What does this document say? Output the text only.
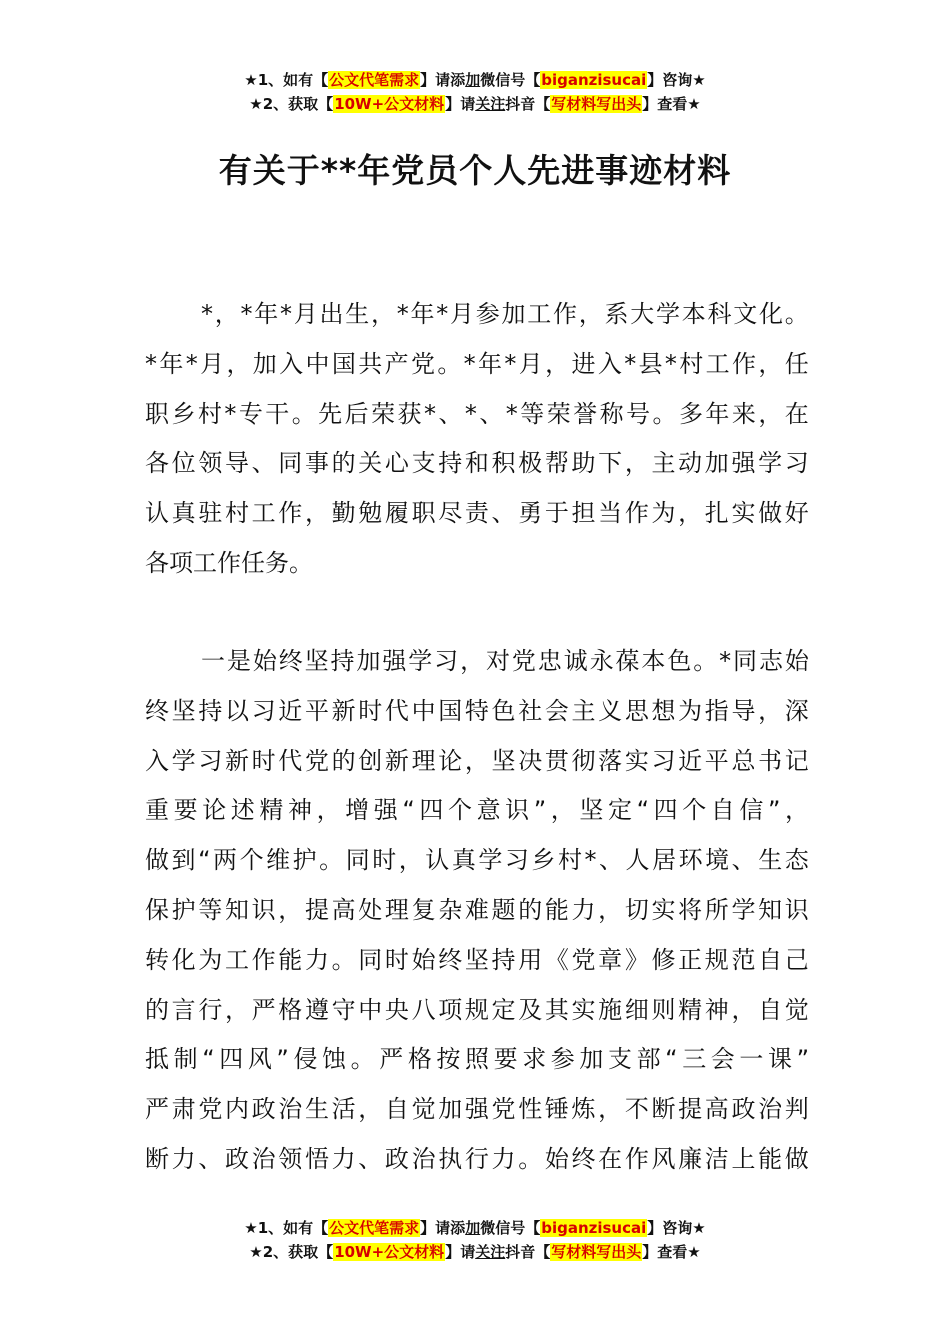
★1、如有【公文代笔需求】请添加微信号【biganzisucai】咨询★
★2、获取【10W+公文材料】请关注抖音【写材料写出头】查看★
有关于**年党员个人先进事迹材料
* ， * 年 * 月 出 生 ， * 年 * 月 参 加 工 作 ， 系 大 学 本 科 文 化 。
* 年 * 月 ， 加 入 中 国 共 产 党 。 * 年 * 月 ， 进 入 * 县 * 村 工 作 ， 任
职 乡 村 * 专 干 。 先 后 荣 获 * 、 * 、 * 等 荣 誉 称 号 。 多 年 来 ， 在
各 位 领 导 、 同 事 的 关 心 支 持 和 积 极 帮 助 下 ， 主 动 加 强 学 习
认 真 驻 村 工 作 ， 勤 勉 履 职 尽 责 、 勇 于 担 当 作 为 ， 扎 实 做 好
各项工作任务。
一 是 始 终 坚 持 加 强 学 习 ， 对 党 忠 诚 永 葆 本 色 。 * 同 志 始
终 坚 持 以 习 近 平 新 时 代 中 国 特 色 社 会 主 义 思 想 为 指 导 ， 深
入 学 习 新 时 代 党 的 创 新 理 论 ， 坚 决 贯 彻 落 实 习 近 平 总 书 记
重 要 论 述 精 神 ， 增 强 “ 四 个 意 识 ” ， 坚 定 “ 四 个 自 信 ” ，
做 到 “ 两 个 维 护 。 同 时 ， 认 真 学 习 乡 村 * 、 人 居 环 境 、 生 态
保 护 等 知 识 ， 提 高 处 理 复 杂 难 题 的 能 力 ， 切 实 将 所 学 知 识
转 化 为 工 作 能 力 。 同 时 始 终 坚 持 用 《 党 章 》 修 正 规 范 自 己
的 言 行 ， 严 格 遵 守 中 央 八 项 规 定 及 其 实 施 细 则 精 神 ， 自 觉
抵 制 “ 四 风 ” 侵 蚀 。 严 格 按 照 要 求 参 加 支 部 “ 三 会 一 课 ”
严 肃 党 内 政 治 生 活 ， 自 觉 加 强 党 性 锤 炼 ， 不 断 提 高 政 治 判
断 力 、 政 治 领 悟 力 、 政 治 执 行 力 。 始 终 在 作 风 廉 洁 上 能 做
★1、如有【公文代笔需求】请添加微信号【biganzisucai】咨询★
★2、获取【10W+公文材料】请关注抖音【写材料写出头】查看★
